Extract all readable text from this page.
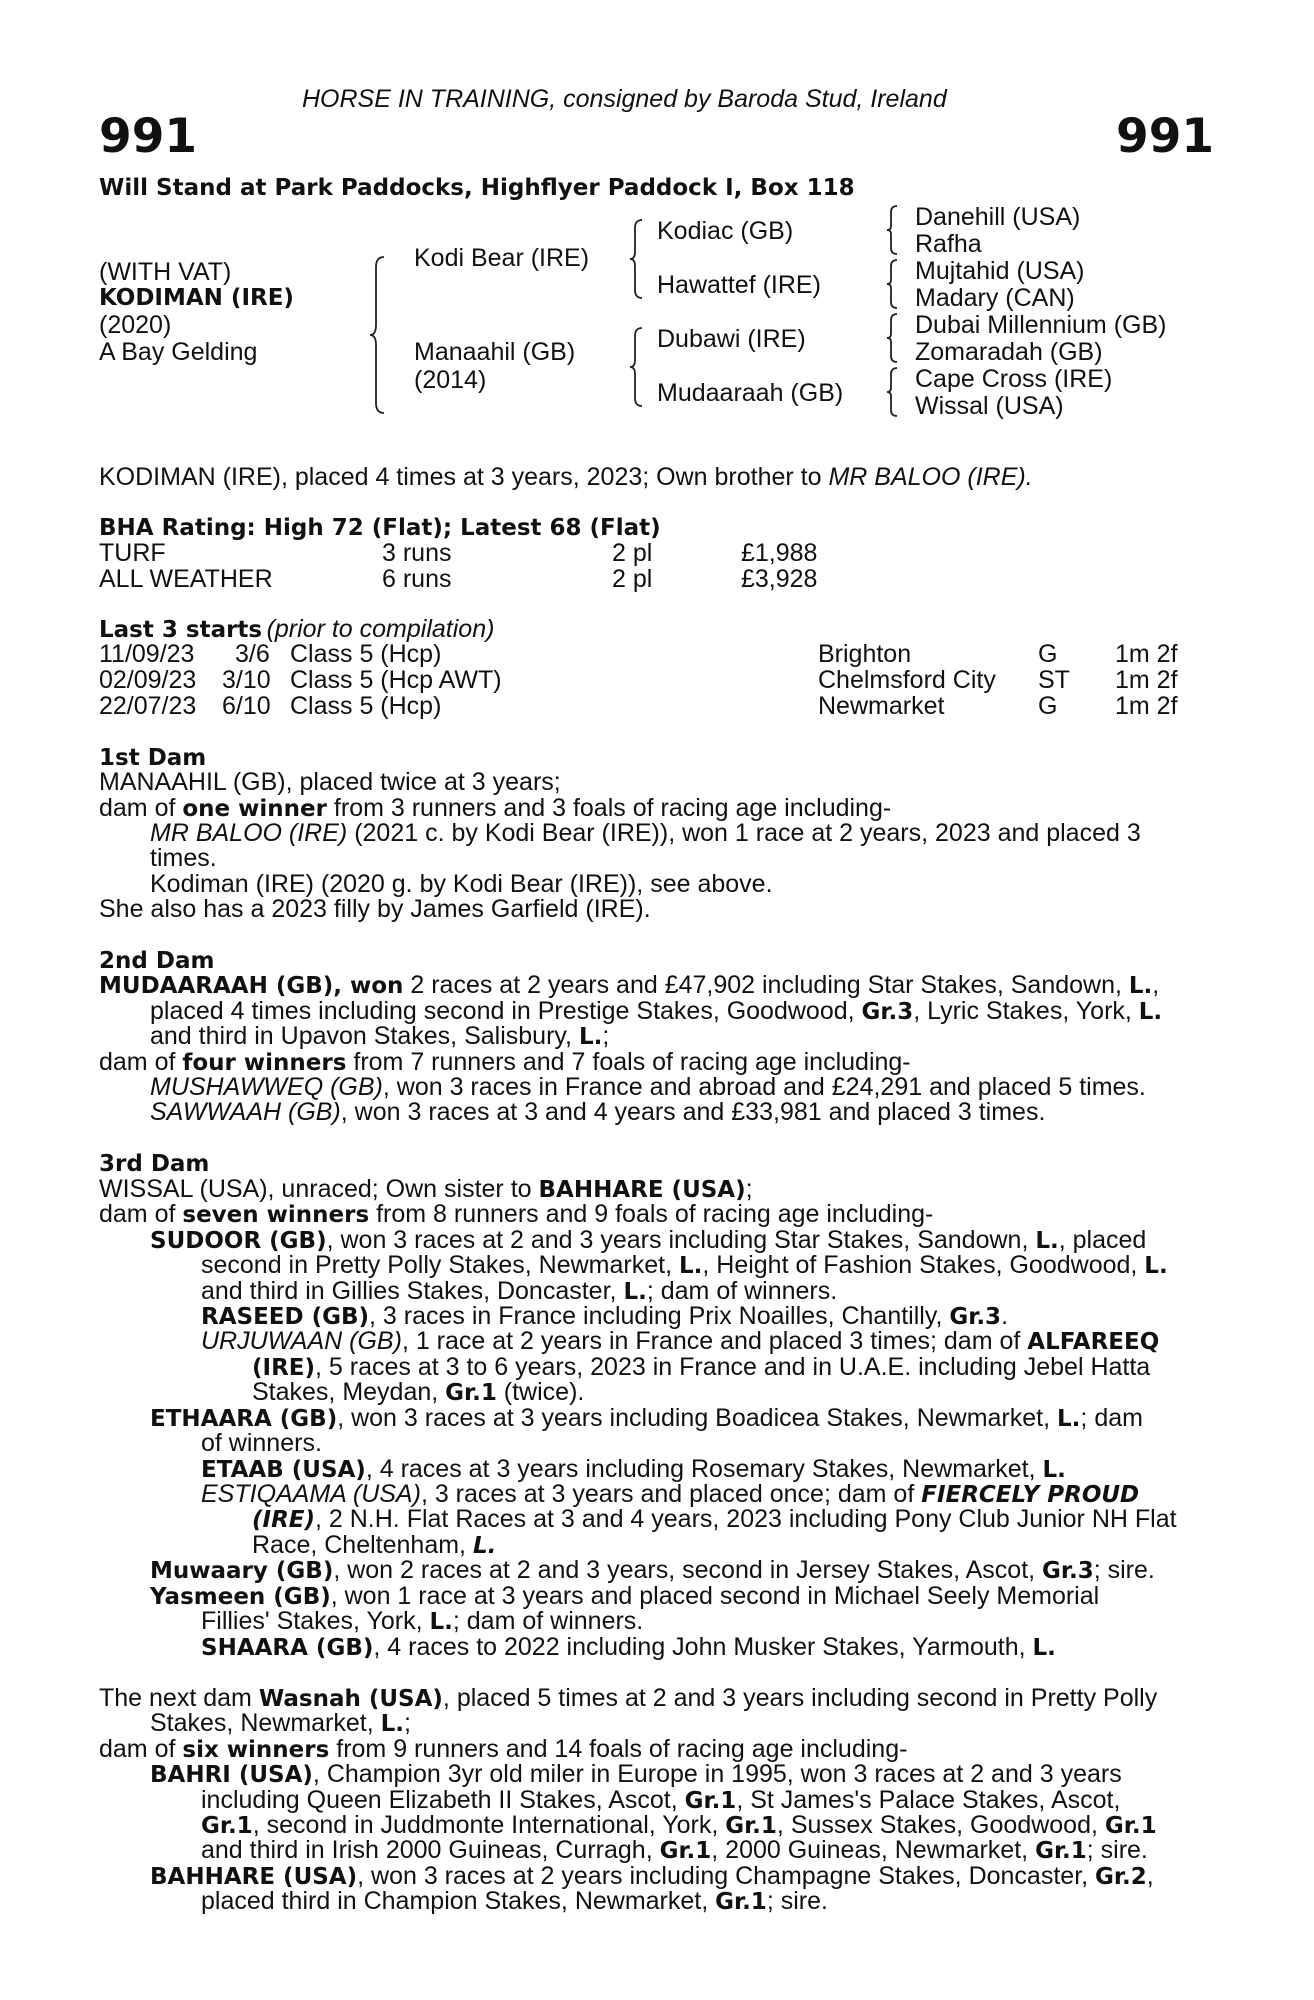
HORSE IN TRAINING, consigned by Baroda Stud, Ireland
991	991
Will Stand at Park Paddocks, Highflyer Paddock I, Box 118
(WITH VAT)
KODIMAN (IRE)
(2020)
A Bay Gelding
Kodi Bear (IRE)
Manaahil (GB)
(2014)
Kodiac (GB)
Hawattef (IRE)
Dubawi (IRE)
Mudaaraah (GB)
Danehill (USA)
Rafha
Mujtahid (USA)
Madary (CAN)
Dubai Millennium (GB)
Zomaradah (GB)
Cape Cross (IRE)
Wissal (USA)
KODIMAN (IRE), placed 4 times at 3 years, 2023; Own brother to MR BALOO (IRE).
BHA Rating: High 72 (Flat); Latest 68 (Flat)
TURF	3 runs	2 pl	£1,988
ALL WEATHER	6 runs	2 pl	£3,928
Last 3 starts (prior to compilation)
11/09/23 3/6 Class 5 (Hcp)	Brighton	G 1m 2f
02/09/23 3/10 Class 5 (Hcp AWT)	Chelmsford City ST 1m 2f
22/07/23 6/10 Class 5 (Hcp)	Newmarket	G 1m 2f
1st Dam
MANAAHIL (GB), placed twice at 3 years;
dam of one winner from 3 runners and 3 foals of racing age including-
MR BALOO (IRE) (2021 c. by Kodi Bear (IRE)), won 1 race at 2 years, 2023 and placed 3
times.
Kodiman (IRE) (2020 g. by Kodi Bear (IRE)), see above.
She also has a 2023 filly by James Garfield (IRE).
2nd Dam
MUDAARAAH (GB), won 2 races at 2 years and £47,902 including Star Stakes, Sandown, L.,
placed 4 times including second in Prestige Stakes, Goodwood, Gr.3, Lyric Stakes, York, L.
and third in Upavon Stakes, Salisbury, L.;
dam of four winners from 7 runners and 7 foals of racing age including-
MUSHAWWEQ (GB), won 3 races in France and abroad and £24,291 and placed 5 times.
SAWWAAH (GB), won 3 races at 3 and 4 years and £33,981 and placed 3 times.
3rd Dam
WISSAL (USA), unraced; Own sister to BAHHARE (USA);
dam of seven winners from 8 runners and 9 foals of racing age including-
SUDOOR (GB), won 3 races at 2 and 3 years including Star Stakes, Sandown, L., placed
second in Pretty Polly Stakes, Newmarket, L., Height of Fashion Stakes, Goodwood, L.
and third in Gillies Stakes, Doncaster, L.; dam of winners.
RASEED (GB), 3 races in France including Prix Noailles, Chantilly, Gr.3.
URJUWAAN (GB), 1 race at 2 years in France and placed 3 times; dam of ALFAREEQ
(IRE), 5 races at 3 to 6 years, 2023 in France and in U.A.E. including Jebel Hatta
Stakes, Meydan, Gr.1 (twice).
ETHAARA (GB), won 3 races at 3 years including Boadicea Stakes, Newmarket, L.; dam
of winners.
ETAAB (USA), 4 races at 3 years including Rosemary Stakes, Newmarket, L.
ESTIQAAMA (USA), 3 races at 3 years and placed once; dam of FIERCELY PROUD
(IRE), 2 N.H. Flat Races at 3 and 4 years, 2023 including Pony Club Junior NH Flat
Race, Cheltenham, L.
Muwaary (GB), won 2 races at 2 and 3 years, second in Jersey Stakes, Ascot, Gr.3; sire.
Yasmeen (GB), won 1 race at 3 years and placed second in Michael Seely Memorial
Fillies' Stakes, York, L.; dam of winners.
SHAARA (GB), 4 races to 2022 including John Musker Stakes, Yarmouth, L.
The next dam Wasnah (USA), placed 5 times at 2 and 3 years including second in Pretty Polly
Stakes, Newmarket, L.;
dam of six winners from 9 runners and 14 foals of racing age including-
BAHRI (USA), Champion 3yr old miler in Europe in 1995, won 3 races at 2 and 3 years
including Queen Elizabeth II Stakes, Ascot, Gr.1, St James's Palace Stakes, Ascot,
Gr.1, second in Juddmonte International, York, Gr.1, Sussex Stakes, Goodwood, Gr.1
and third in Irish 2000 Guineas, Curragh, Gr.1, 2000 Guineas, Newmarket, Gr.1; sire.
BAHHARE (USA), won 3 races at 2 years including Champagne Stakes, Doncaster, Gr.2,
placed third in Champion Stakes, Newmarket, Gr.1; sire.
